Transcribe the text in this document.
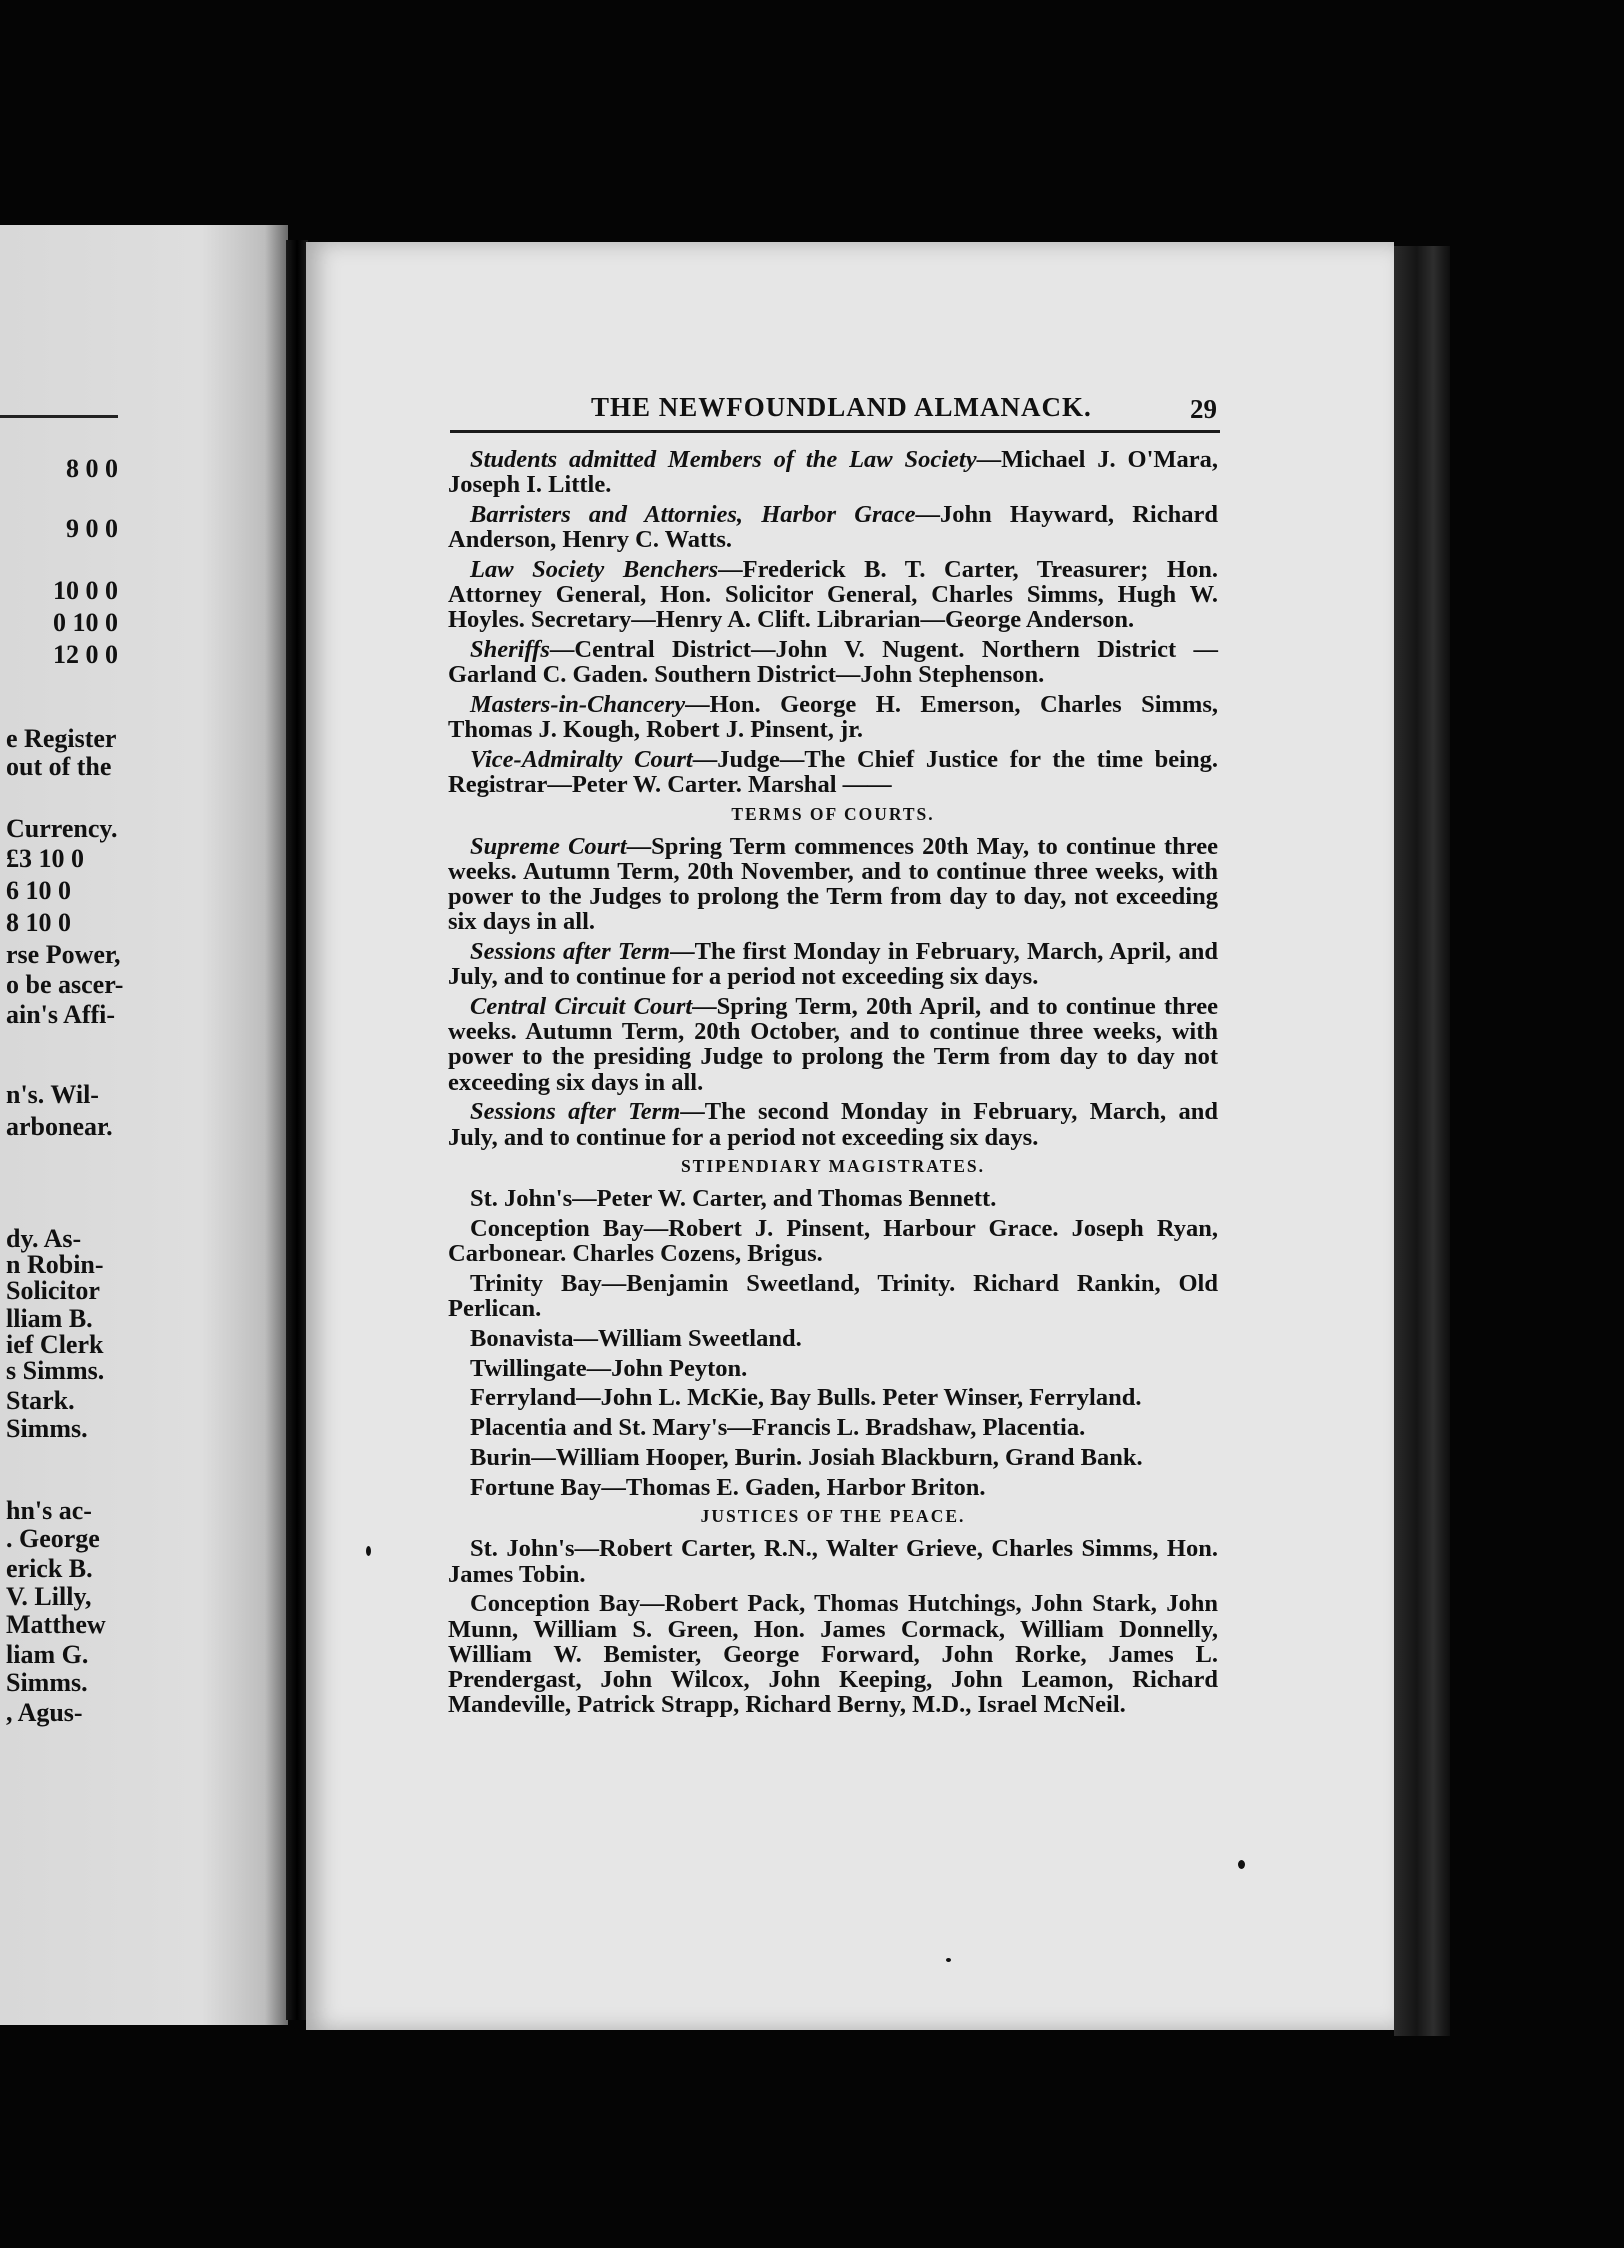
8 0 0
9 0 0
10 0 0
0 10 0
12 0 0
e Register
out of the
Currency.
£3 10 0
6 10 0
8 10 0
rse Power,
o be ascer-
ain's Affi-
n's. Wil-
arbonear.
dy. As-
n Robin-
Solicitor
lliam B.
ief Clerk
s Simms.
Stark.
Simms.
hn's ac-
. George
erick B.
V. Lilly,
Matthew
liam G.
Simms.
, Agus-
THE NEWFOUNDLAND ALMANACK.	29

Students admitted Members of the Law Society—Michael J. O'Mara, Joseph I. Little.

Barristers and Attornies, Harbor Grace—John Hayward, Richard Anderson, Henry C. Watts.

Law Society Benchers—Frederick B. T. Carter, Treasurer; Hon. Attorney General, Hon. Solicitor General, Charles Simms, Hugh W. Hoyles. Secretary—Henry A. Clift. Librarian—George Anderson.

Sheriffs—Central District—John V. Nugent. Northern District —Garland C. Gaden. Southern District—John Stephenson.

Masters-in-Chancery—Hon. George H. Emerson, Charles Simms, Thomas J. Kough, Robert J. Pinsent, jr.

Vice-Admiralty Court—Judge—The Chief Justice for the time being. Registrar—Peter W. Carter. Marshal ——

TERMS OF COURTS.

Supreme Court—Spring Term commences 20th May, to continue three weeks. Autumn Term, 20th November, and to continue three weeks, with power to the Judges to prolong the Term from day to day, not exceeding six days in all.

Sessions after Term—The first Monday in February, March, April, and July, and to continue for a period not exceeding six days.

Central Circuit Court—Spring Term, 20th April, and to continue three weeks. Autumn Term, 20th October, and to continue three weeks, with power to the presiding Judge to prolong the Term from day to day not exceeding six days in all.

Sessions after Term—The second Monday in February, March, and July, and to continue for a period not exceeding six days.

STIPENDIARY MAGISTRATES.

St. John's—Peter W. Carter, and Thomas Bennett.

Conception Bay—Robert J. Pinsent, Harbour Grace. Joseph Ryan, Carbonear. Charles Cozens, Brigus.

Trinity Bay—Benjamin Sweetland, Trinity. Richard Rankin, Old Perlican.

Bonavista—William Sweetland.

Twillingate—John Peyton.

Ferryland—John L. McKie, Bay Bulls. Peter Winser, Ferryland.

Placentia and St. Mary's—Francis L. Bradshaw, Placentia.

Burin—William Hooper, Burin. Josiah Blackburn, Grand Bank.

Fortune Bay—Thomas E. Gaden, Harbor Briton.

JUSTICES OF THE PEACE.

St. John's—Robert Carter, R.N., Walter Grieve, Charles Simms, Hon. James Tobin.

Conception Bay—Robert Pack, Thomas Hutchings, John Stark, John Munn, William S. Green, Hon. James Cormack, William Donnelly, William W. Bemister, George Forward, John Rorke, James L. Prendergast, John Wilcox, John Keeping, John Leamon, Richard Mandeville, Patrick Strapp, Richard Berny, M.D., Israel McNeil.
